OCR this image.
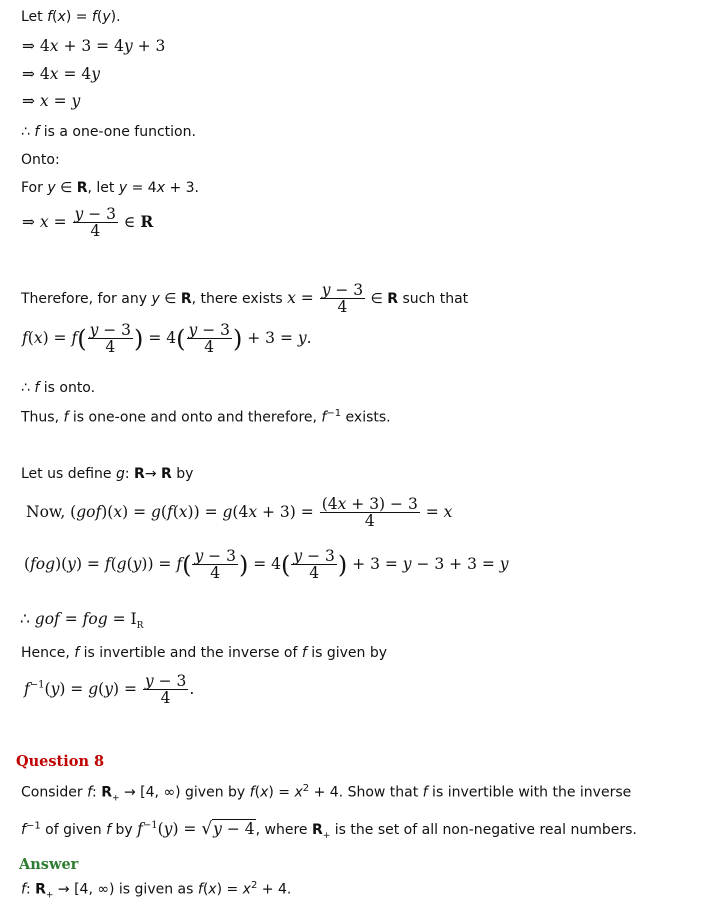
Let f(x) = f(y).
⇒ 4x + 3 = 4y + 3
⇒ 4x = 4y
⇒ x = y
∴ f is a one-one function.
Onto:
For y ∈ R, let y = 4x + 3.
⇒ $x = \frac{y - 3}{4}$ ∈ R
Therefore, for any y ∈ R, there exists $x = \frac{y - 3}{4}$ ∈ R such that
$f(x) = f( \frac{y - 3}{4}$ ) = $4( \frac{y - 3}{4}$ ) + 3 = y.
∴ f is onto.
Thus, f is one-one and onto and therefore, $f^{-1}$ exists.
Let us define g: R→ R by
Now, $(gof)(x) = g(f(x)) = g(4x + 3) = \frac{(4x + 3) - 3}{4} = x$
$(fog)(y) = f(g(y)) = f( \frac{y - 3}{4}$ ) = $4( \frac{y - 3}{4}$ ) + 3 = y − 3 + 3 = y
∴ gof = fog = $I_R$
Hence, f is invertible and the inverse of f is given by
$f^{-1}(y) = g(y) = \frac{y - 3}{4}$ .
Question 8
Consider f: $R_+ \to [4$, ∞) given by $f(x) = x^2 + 4$. Show that f is invertible with the inverse
$f^{-1}$ of given f by $f^{-1}(y) = √y - 4$, where $R_+$ is the set of all non-negative real numbers.
Answer
f: $R_+ \to [4$, ∞) is given as $f(x) = x^2 + 4$.
